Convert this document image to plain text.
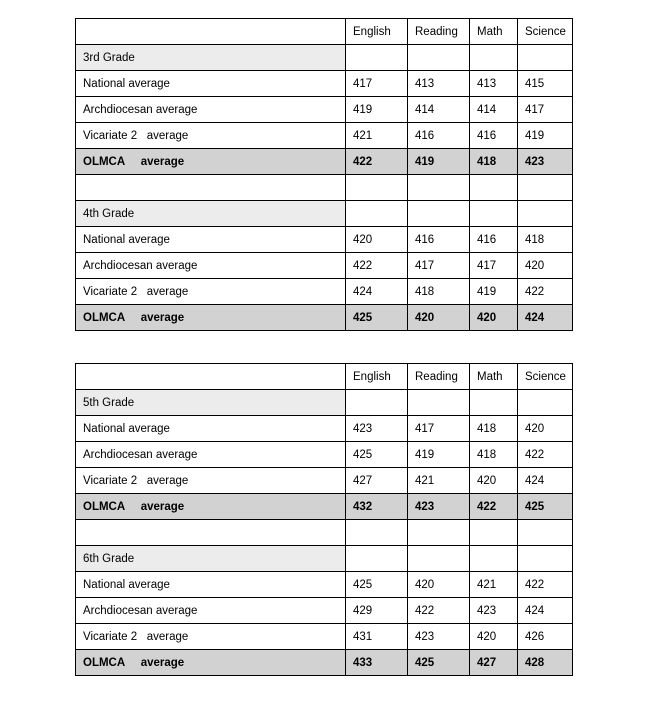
	English	Reading	Math	Science
3rd Grade				
National average	417	413	413	415
Archdiocesan average	419	414	414	417
Vicariate 2   average	421	416	416	419
OLMCA     average	422	419	418	423

4th Grade				
National average	420	416	416	418
Archdiocesan average	422	417	417	420
Vicariate 2   average	424	418	419	422
OLMCA     average	425	420	420	424
	English	Reading	Math	Science
5th Grade				
National average	423	417	418	420
Archdiocesan average	425	419	418	422
Vicariate 2   average	427	421	420	424
OLMCA     average	432	423	422	425

6th Grade				
National average	425	420	421	422
Archdiocesan average	429	422	423	424
Vicariate 2   average	431	423	420	426
OLMCA     average	433	425	427	428
